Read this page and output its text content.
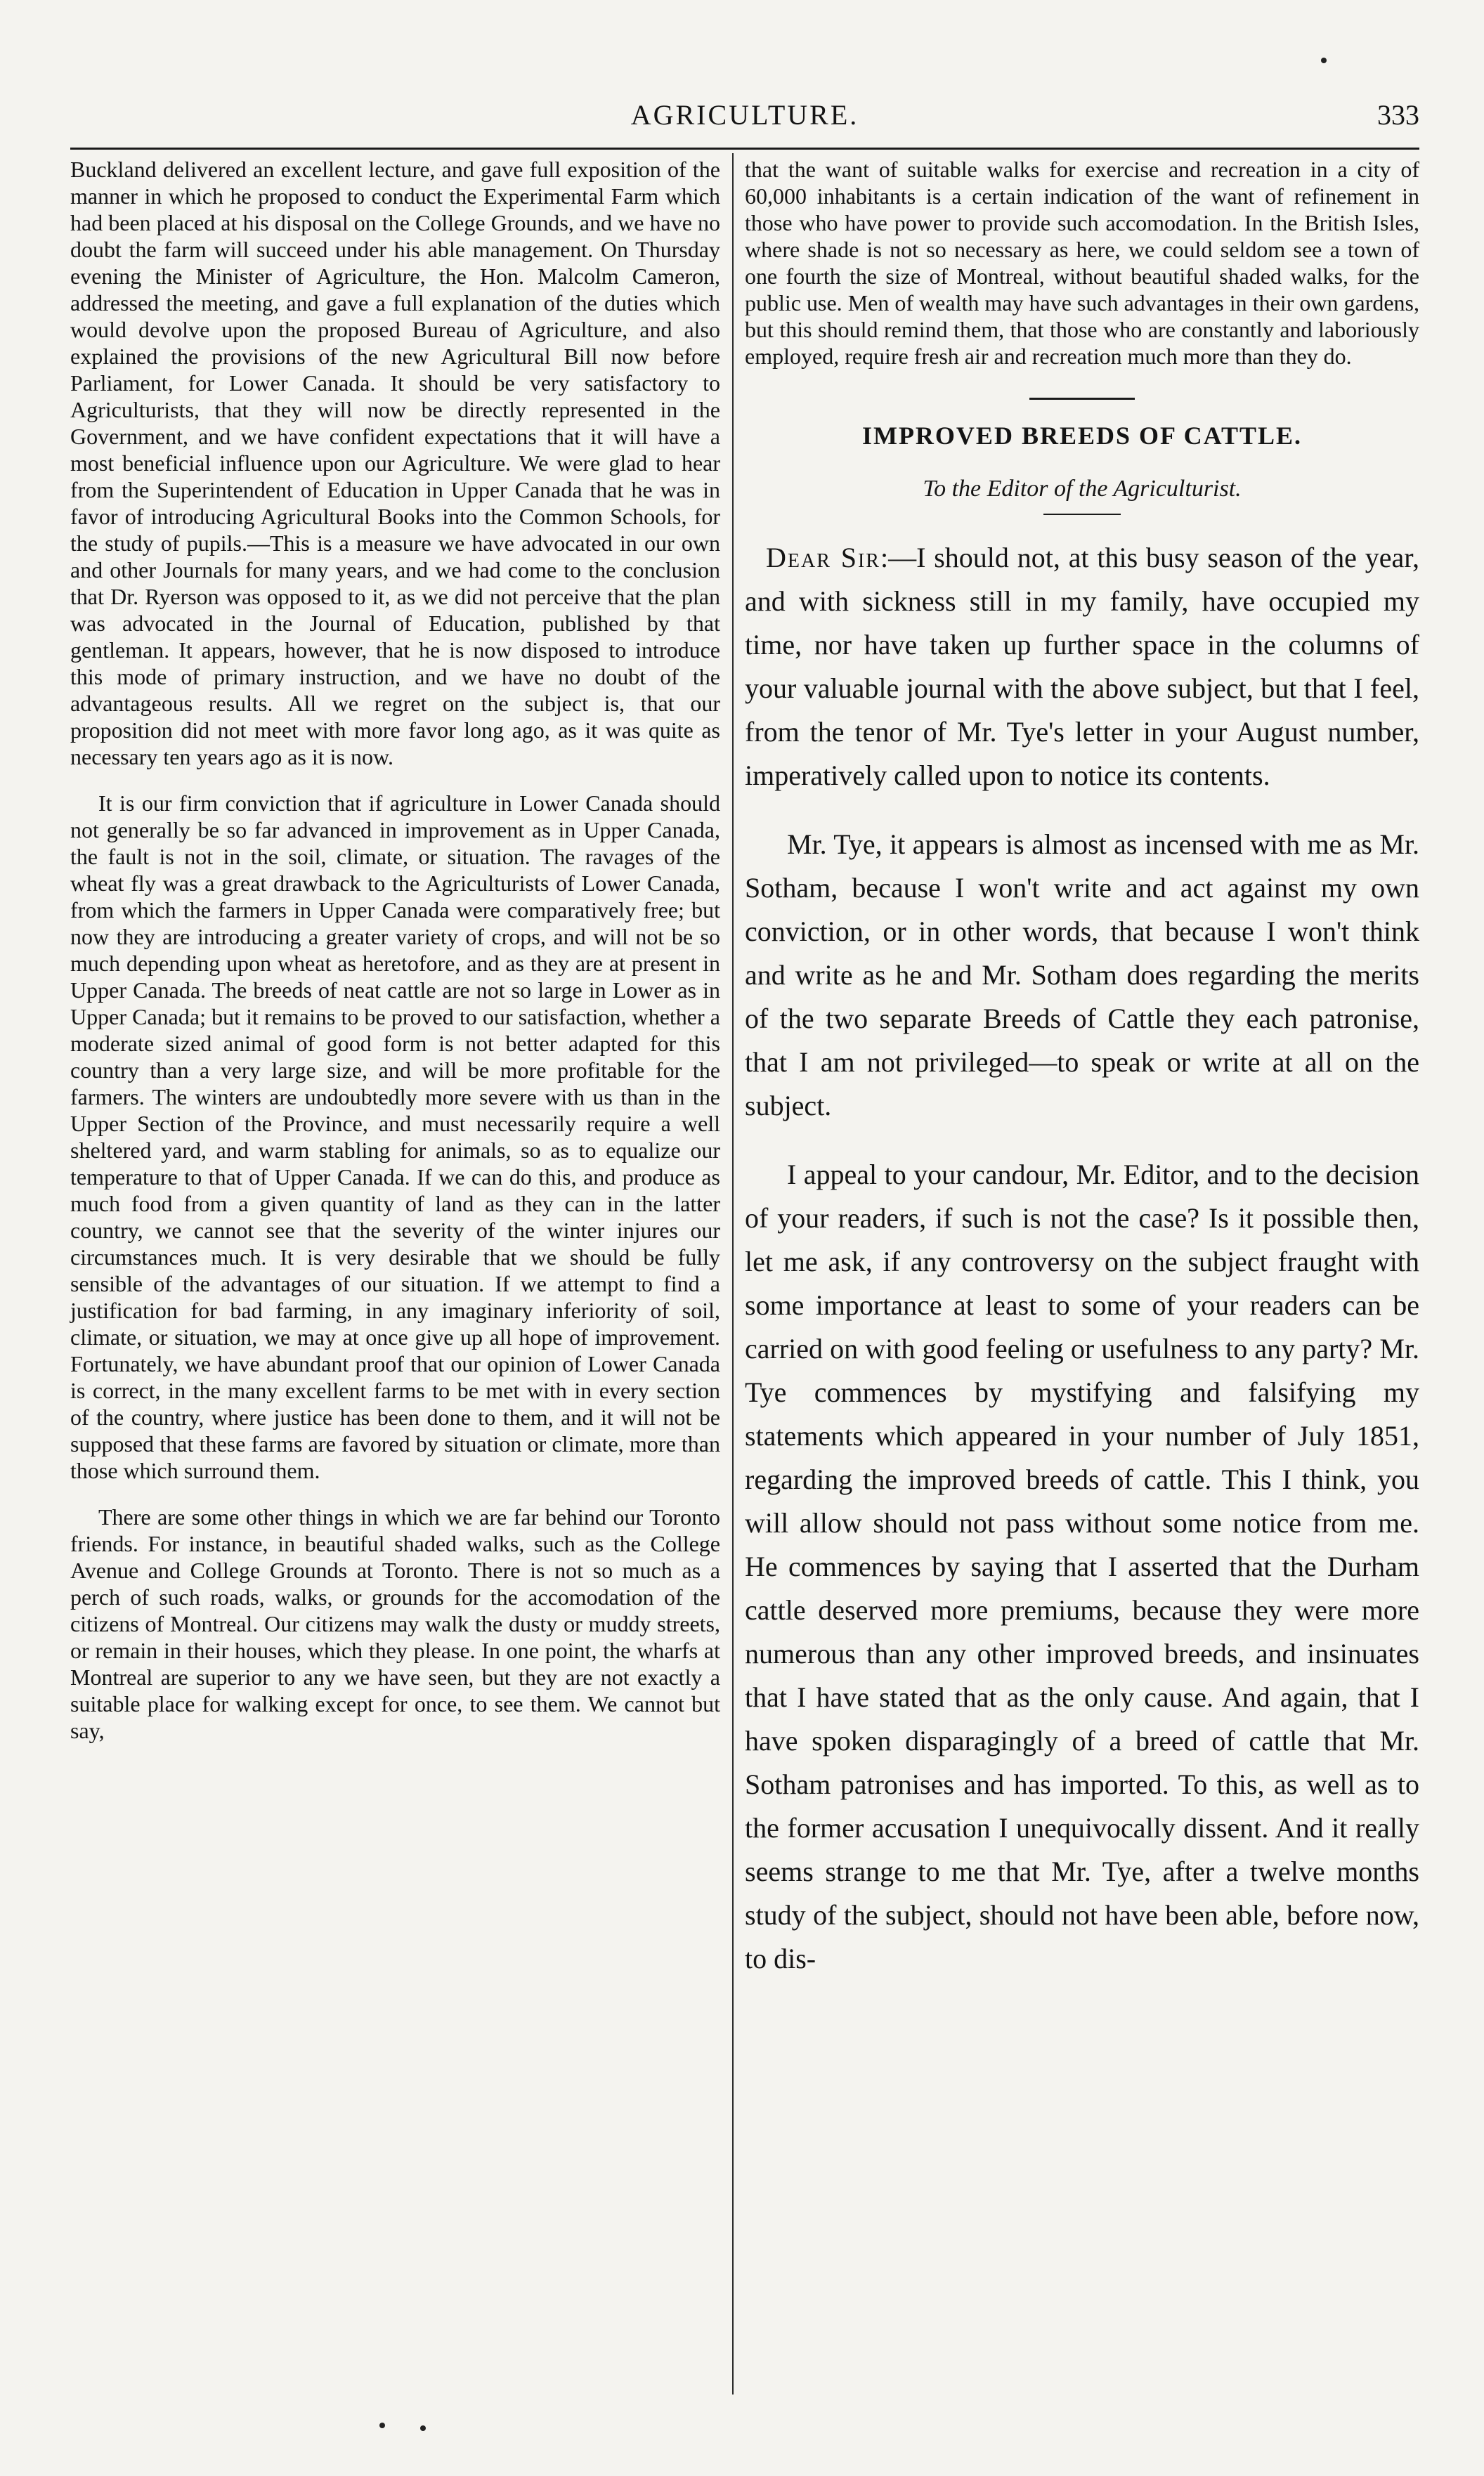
AGRICULTURE.	333

Buckland delivered an excellent lecture, and gave full exposition of the manner in which he proposed to conduct the Experimental Farm which had been placed at his disposal on the College Grounds, and we have no doubt the farm will succeed under his able management. On Thursday evening the Minister of Agriculture, the Hon. Malcolm Cameron, addressed the meeting, and gave a full explanation of the duties which would devolve upon the proposed Bureau of Agriculture, and also explained the provisions of the new Agricultural Bill now before Parliament, for Lower Canada. It should be very satisfactory to Agriculturists, that they will now be directly represented in the Government, and we have confident expectations that it will have a most beneficial influence upon our Agriculture. We were glad to hear from the Superintendent of Education in Upper Canada that he was in favor of introducing Agricultural Books into the Common Schools, for the study of pupils.—This is a measure we have advocated in our own and other Journals for many years, and we had come to the conclusion that Dr. Ryerson was opposed to it, as we did not perceive that the plan was advocated in the Journal of Education, published by that gentleman. It appears, however, that he is now disposed to introduce this mode of primary instruction, and we have no doubt of the advantageous results. All we regret on the subject is, that our proposition did not meet with more favor long ago, as it was quite as necessary ten years ago as it is now.

It is our firm conviction that if agriculture in Lower Canada should not generally be so far advanced in improvement as in Upper Canada, the fault is not in the soil, climate, or situation. The ravages of the wheat fly was a great drawback to the Agriculturists of Lower Canada, from which the farmers in Upper Canada were comparatively free; but now they are introducing a greater variety of crops, and will not be so much depending upon wheat as heretofore, and as they are at present in Upper Canada. The breeds of neat cattle are not so large in Lower as in Upper Canada; but it remains to be proved to our satisfaction, whether a moderate sized animal of good form is not better adapted for this country than a very large size, and will be more profitable for the farmers. The winters are undoubtedly more severe with us than in the Upper Section of the Province, and must necessarily require a well sheltered yard, and warm stabling for animals, so as to equalize our temperature to that of Upper Canada. If we can do this, and produce as much food from a given quantity of land as they can in the latter country, we cannot see that the severity of the winter injures our circumstances much. It is very desirable that we should be fully sensible of the advantages of our situation. If we attempt to find a justification for bad farming, in any imaginary inferiority of soil, climate, or situation, we may at once give up all hope of improvement. Fortunately, we have abundant proof that our opinion of Lower Canada is correct, in the many excellent farms to be met with in every section of the country, where justice has been done to them, and it will not be supposed that these farms are favored by situation or climate, more than those which surround them.

There are some other things in which we are far behind our Toronto friends. For instance, in beautiful shaded walks, such as the College Avenue and College Grounds at Toronto. There is not so much as a perch of such roads, walks, or grounds for the accomodation of the citizens of Montreal. Our citizens may walk the dusty or muddy streets, or remain in their houses, which they please. In one point, the wharfs at Montreal are superior to any we have seen, but they are not exactly a suitable place for walking except for once, to see them. We cannot but say,

that the want of suitable walks for exercise and recreation in a city of 60,000 inhabitants is a certain indication of the want of refinement in those who have power to provide such accomodation. In the British Isles, where shade is not so necessary as here, we could seldom see a town of one fourth the size of Montreal, without beautiful shaded walks, for the public use. Men of wealth may have such advantages in their own gardens, but this should remind them, that those who are constantly and laboriously employed, require fresh air and recreation much more than they do.

IMPROVED BREEDS OF CATTLE.

To the Editor of the Agriculturist.

Dear Sir:—I should not, at this busy season of the year, and with sickness still in my family, have occupied my time, nor have taken up further space in the columns of your valuable journal with the above subject, but that I feel, from the tenor of Mr. Tye's letter in your August number, imperatively called upon to notice its contents.

Mr. Tye, it appears is almost as incensed with me as Mr. Sotham, because I won't write and act against my own conviction, or in other words, that because I won't think and write as he and Mr. Sotham does regarding the merits of the two separate Breeds of Cattle they each patronise, that I am not privileged—to speak or write at all on the subject.

I appeal to your candour, Mr. Editor, and to the decision of your readers, if such is not the case? Is it possible then, let me ask, if any controversy on the subject fraught with some importance at least to some of your readers can be carried on with good feeling or usefulness to any party? Mr. Tye commences by mystifying and falsifying my statements which appeared in your number of July 1851, regarding the improved breeds of cattle. This I think, you will allow should not pass without some notice from me. He commences by saying that I asserted that the Durham cattle deserved more premiums, because they were more numerous than any other improved breeds, and insinuates that I have stated that as the only cause. And again, that I have spoken disparagingly of a breed of cattle that Mr. Sotham patronises and has imported. To this, as well as to the former accusation I unequivocally dissent. And it really seems strange to me that Mr. Tye, after a twelve months study of the subject, should not have been able, before now, to dis-
